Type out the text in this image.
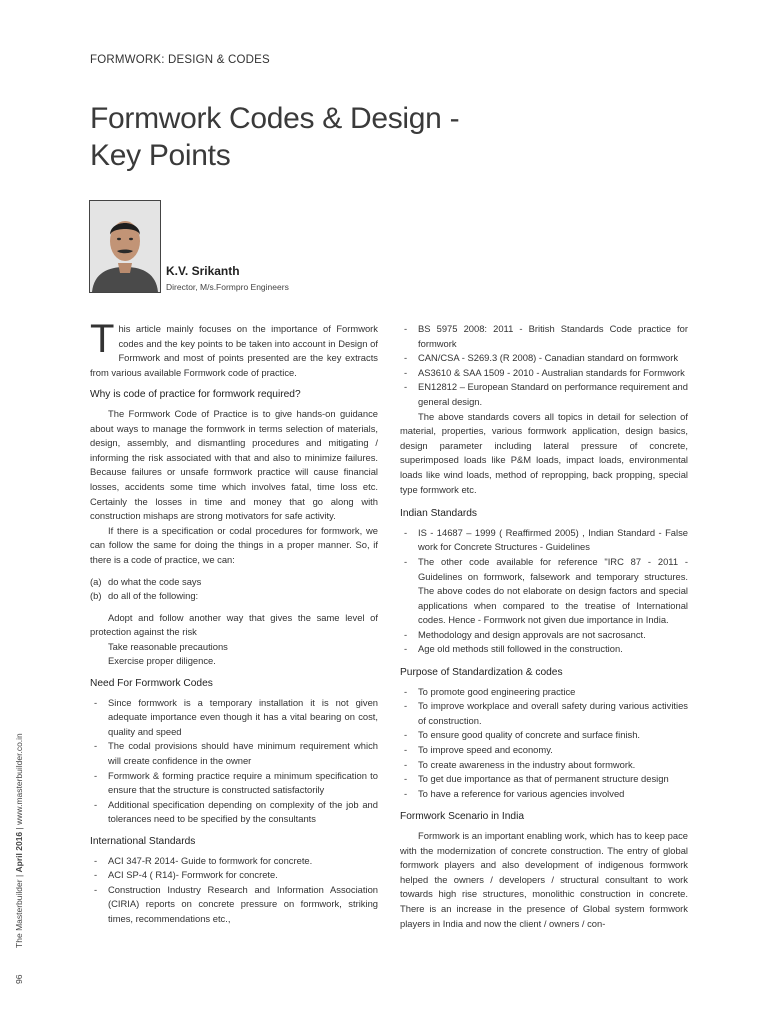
FORMWORK: DESIGN & CODES
Formwork Codes & Design -
Key Points
K.V. Srikanth
Director, M/s.Formpro Engineers

This article mainly focuses on the importance of Formwork codes and the key points to be taken into account in Design of Formwork and most of points presented are the key extracts from various available Formwork code of practice.

Why is code of practice for formwork required?

The Formwork Code of Practice is to give hands-on guidance about ways to manage the formwork in terms selection of materials, design, assembly, and dismantling procedures and mitigating / informing the risk associated with that and also to minimize failures. Because failures or unsafe formwork practice will cause financial losses, accidents some time which involves fatal, time loss etc. Certainly the losses in time and money that go along with construction mishaps are strong motivators for safe activity.

If there is a specification or codal procedures for formwork, we can follow the same for doing the things in a proper manner. So, if there is a code of practice, we can:

(a) do what the code says
(b) do all of the following:

Adopt and follow another way that gives the same level of protection against the risk

Take reasonable precautions
Exercise proper diligence.
Need For Formwork Codes
- Since formwork is a temporary installation it is not given adequate importance even though it has a vital bearing on cost, quality and speed
- The codal provisions should have minimum requirement which will create confidence in the owner
- Formwork & forming practice require a minimum specification to ensure that the structure is constructed satisfactorily
- Additional specification depending on complexity of the job and tolerances need to be specified by the consultants
International Standards
- ACI 347-R 2014- Guide to formwork for concrete.
- ACI SP-4 ( R14)- Formwork for concrete.
- Construction Industry Research and Information Association (CIRIA) reports on concrete pressure on formwork, striking times, recommendations etc.,
- BS 5975 2008: 2011 - British Standards Code practice for formwork
- CAN/CSA - S269.3 (R 2008) - Canadian standard on formwork
- AS3610 & SAA 1509 - 2010 - Australian standards for Formwork
- EN12812 – European Standard on performance requirement and general design.

The above standards covers all topics in detail for selection of material, properties, various formwork application, design basics, design parameter including lateral pressure of concrete, superimposed loads like P&M loads, impact loads, environmental loads like wind loads, method of repropping, back propping, special type formwork etc.

Indian Standards
- IS - 14687 – 1999 ( Reaffirmed 2005) , Indian Standard - False work for Concrete Structures - Guidelines
- The other code available for reference "IRC 87 - 2011 - Guidelines on formwork, falsework and temporary structures. The above codes do not elaborate on design factors and special applications when compared to the treatise of International codes. Hence - Formwork not given due importance in India.
- Methodology and design approvals are not sacrosanct.
- Age old methods still followed in the construction.
Purpose of Standardization & codes
- To promote good engineering practice
- To improve workplace and overall safety during various activities of construction.
- To ensure good quality of concrete and surface finish.
- To improve speed and economy.
- To create awareness in the industry about formwork.
- To get due importance as that of permanent structure design
- To have a reference for various agencies involved
Formwork Scenario in India

Formwork is an important enabling work, which has to keep pace with the modernization of concrete construction. The entry of global formwork players and also development of indigenous formwork helped the owners / developers / structural consultant to work towards high rise structures, monolithic construction in concrete. There is an increase in the presence of Global system formwork players in India and now the client / owners / con-

96  The Masterbuilder | April 2016 | www.masterbuilder.co.in
